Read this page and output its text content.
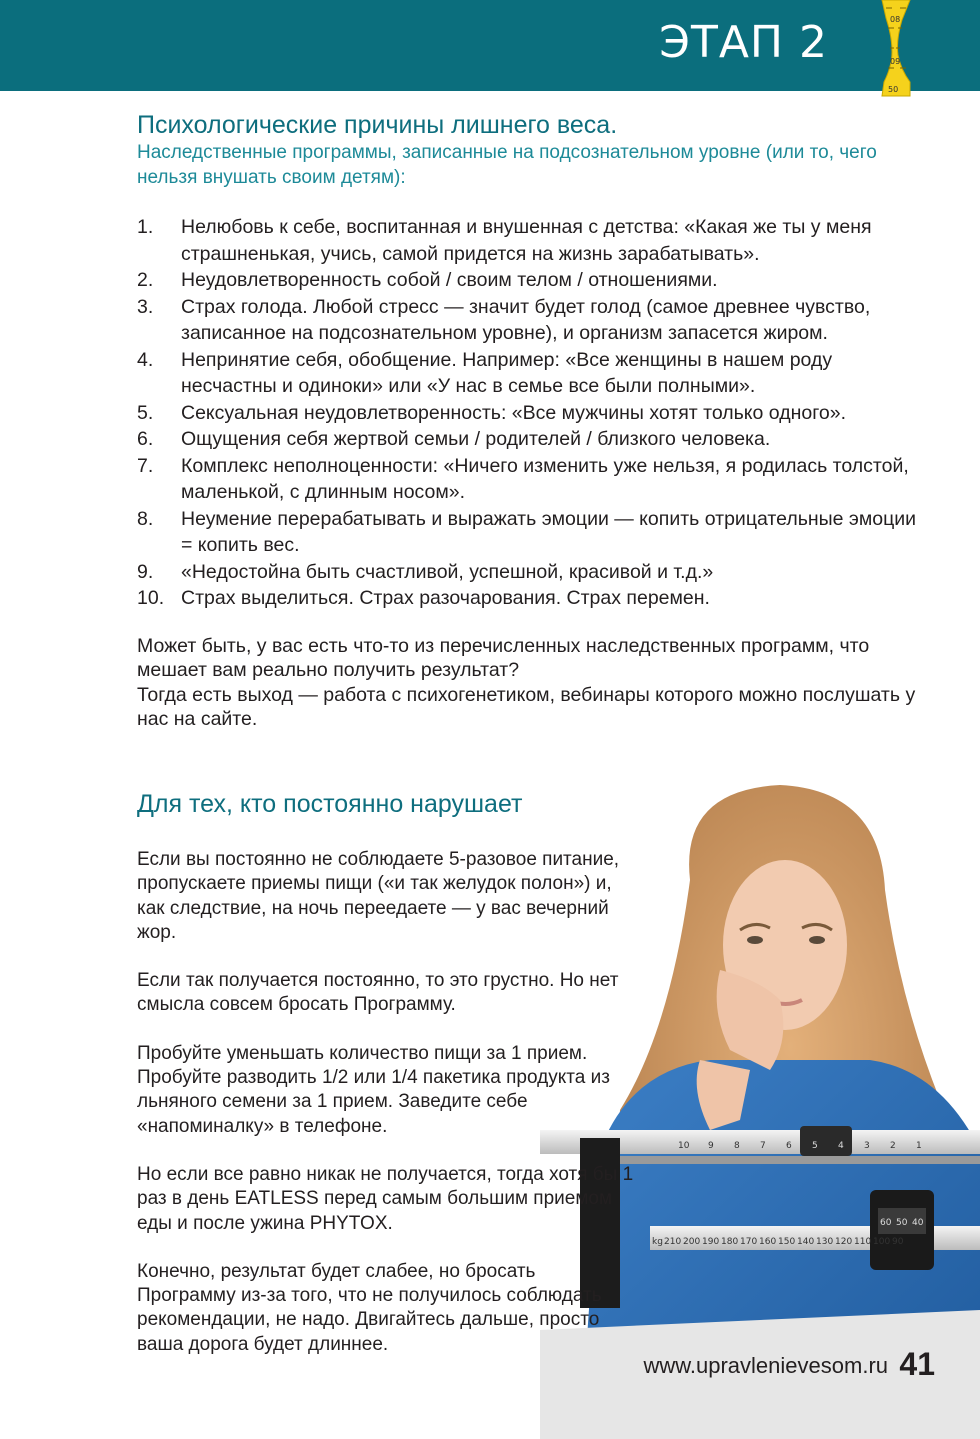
ЭТАП 2	08
09
50
Психологические причины лишнего веса.

Наследственные программы, записанные на подсознательном уровне (или то, чего нельзя внушать своим детям):

1. Нелюбовь к себе, воспитанная и внушенная с детства: «Какая же ты у меня страшненькая, учись, самой придется на жизнь зарабатывать».
2. Неудовлетворенность собой / своим телом / отношениями.
3. Страх голода. Любой стресс — значит будет голод (самое древнее чувство, записанное на подсознательном уровне), и организм запасется жиром.
4. Непринятие себя, обобщение. Например: «Все женщины в нашем роду несчастны и одиноки» или «У нас в семье все были полными».
5. Сексуальная неудовлетворенность: «Все мужчины хотят только одного».
6. Ощущения себя жертвой семьи / родителей / близкого человека.
7. Комплекс неполноценности: «Ничего изменить уже нельзя, я родилась толстой, маленькой, с длинным носом».
8. Неумение перерабатывать и выражать эмоции — копить отрицательные эмоции = копить вес.
9. «Недостойна быть счастливой, успешной, красивой и т.д.»
10. Страх выделиться. Страх разочарования. Страх перемен.

Может быть, у вас есть что-то из перечисленных наследственных программ, что мешает вам реально получить результат?

Тогда есть выход — работа с психогенетиком, вебинары которого можно послушать у нас на сайте.

10 9 8 7 6 5 4 3 2 1
kg 210 200 190 180 170 160 150 140 130 120 110 100 90
60 50 40
Для тех, кто постоянно нарушает

Если вы постоянно не соблюдаете 5-разовое питание, пропускаете приемы пищи («и так желудок полон») и, как следствие, на ночь переедаете — у вас вечерний жор.

Если так получается постоянно, то это грустно. Но нет смысла совсем бросать Программу.

Пробуйте уменьшать количество пищи за 1 прием. Пробуйте разводить 1/2 или 1/4 пакетика продукта из льняного семени за 1 прием. Заведите себе «напоминалку» в телефоне.

Но если все равно никак не получается, тогда хотя бы 1 раз в день EATLESS перед самым большим приемом еды и после ужина PHYTOX.

Конечно, результат будет слабее, но бросать Программу из-за того, что не получилось соблюдать рекомендации, не надо. Двигайтесь дальше, просто ваша дорога будет длиннее.

www.upravlenievesom.ru 41
